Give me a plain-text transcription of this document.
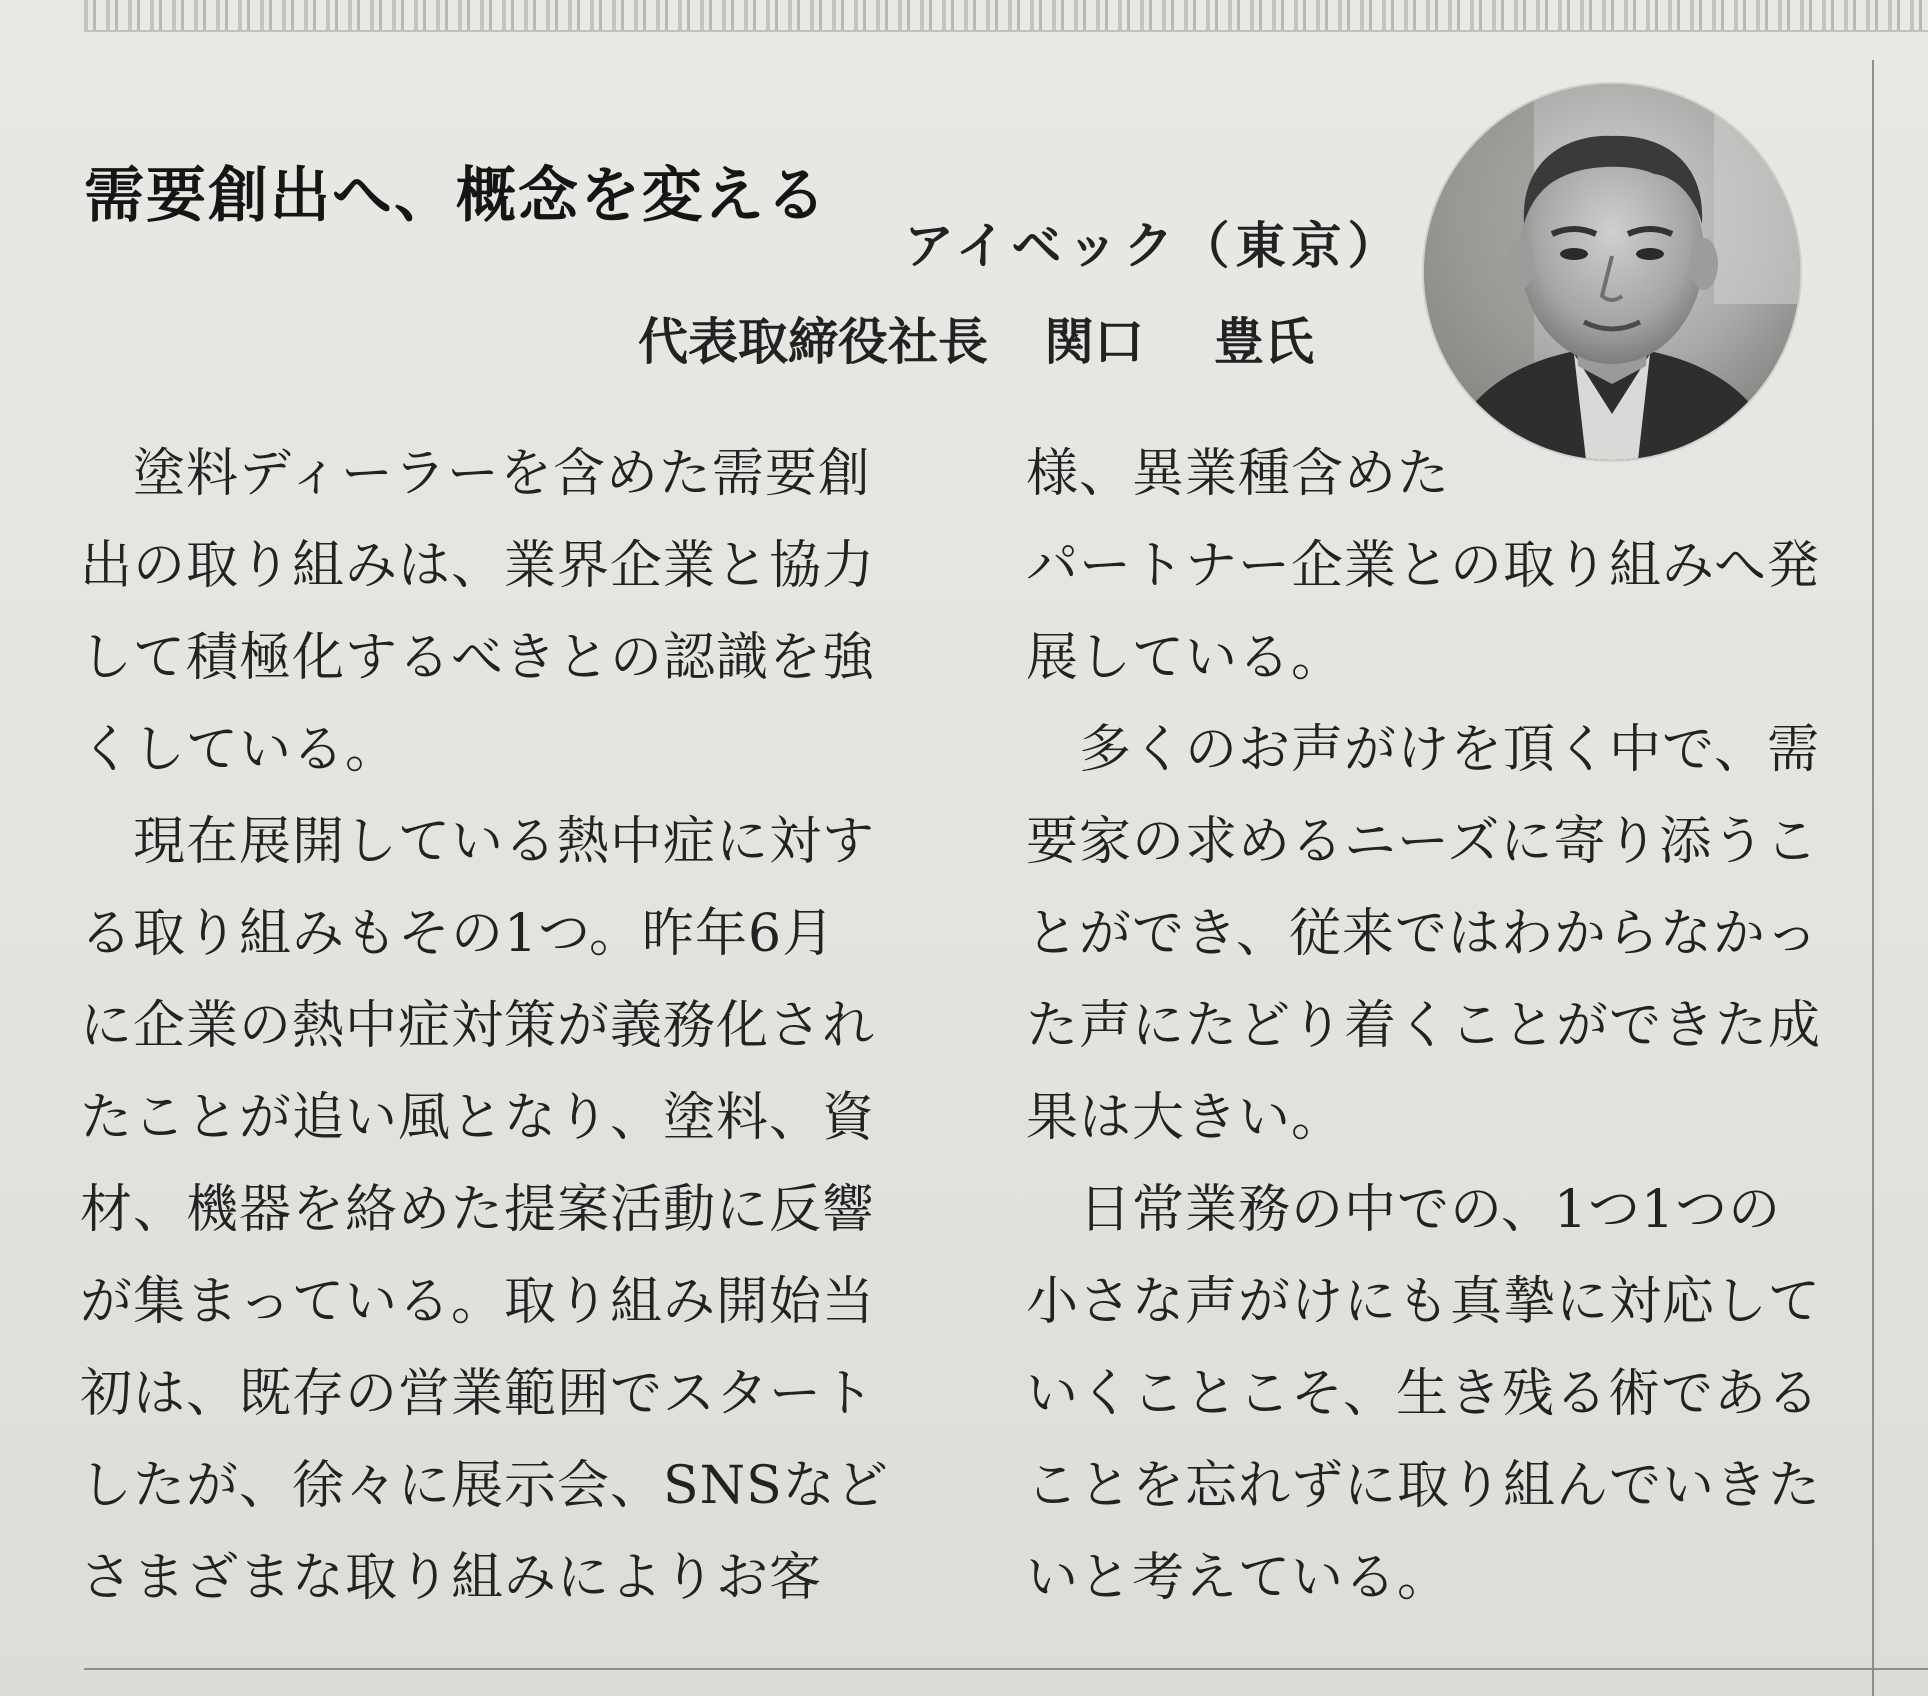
需要創出へ、概念を変える
アイベック（東京）
代表取締役社長 関口 豊氏
　塗料ディーラーを含めた需要創
出の取り組みは、業界企業と協力
して積極化するべきとの認識を強
くしている。
　現在展開している熱中症に対す
る取り組みもその1つ。昨年6月
に企業の熱中症対策が義務化され
たことが追い風となり、塗料、資
材、機器を絡めた提案活動に反響
が集まっている。取り組み開始当
初は、既存の営業範囲でスタート
したが、徐々に展示会、SNSなど
さまざまな取り組みによりお客
様、異業種含めた
パートナー企業との取り組みへ発
展している。
　多くのお声がけを頂く中で、需
要家の求めるニーズに寄り添うこ
とができ、従来ではわからなかっ
た声にたどり着くことができた成
果は大きい。
　日常業務の中での、1つ1つの
小さな声がけにも真摯に対応して
いくことこそ、生き残る術である
ことを忘れずに取り組んでいきた
いと考えている。
